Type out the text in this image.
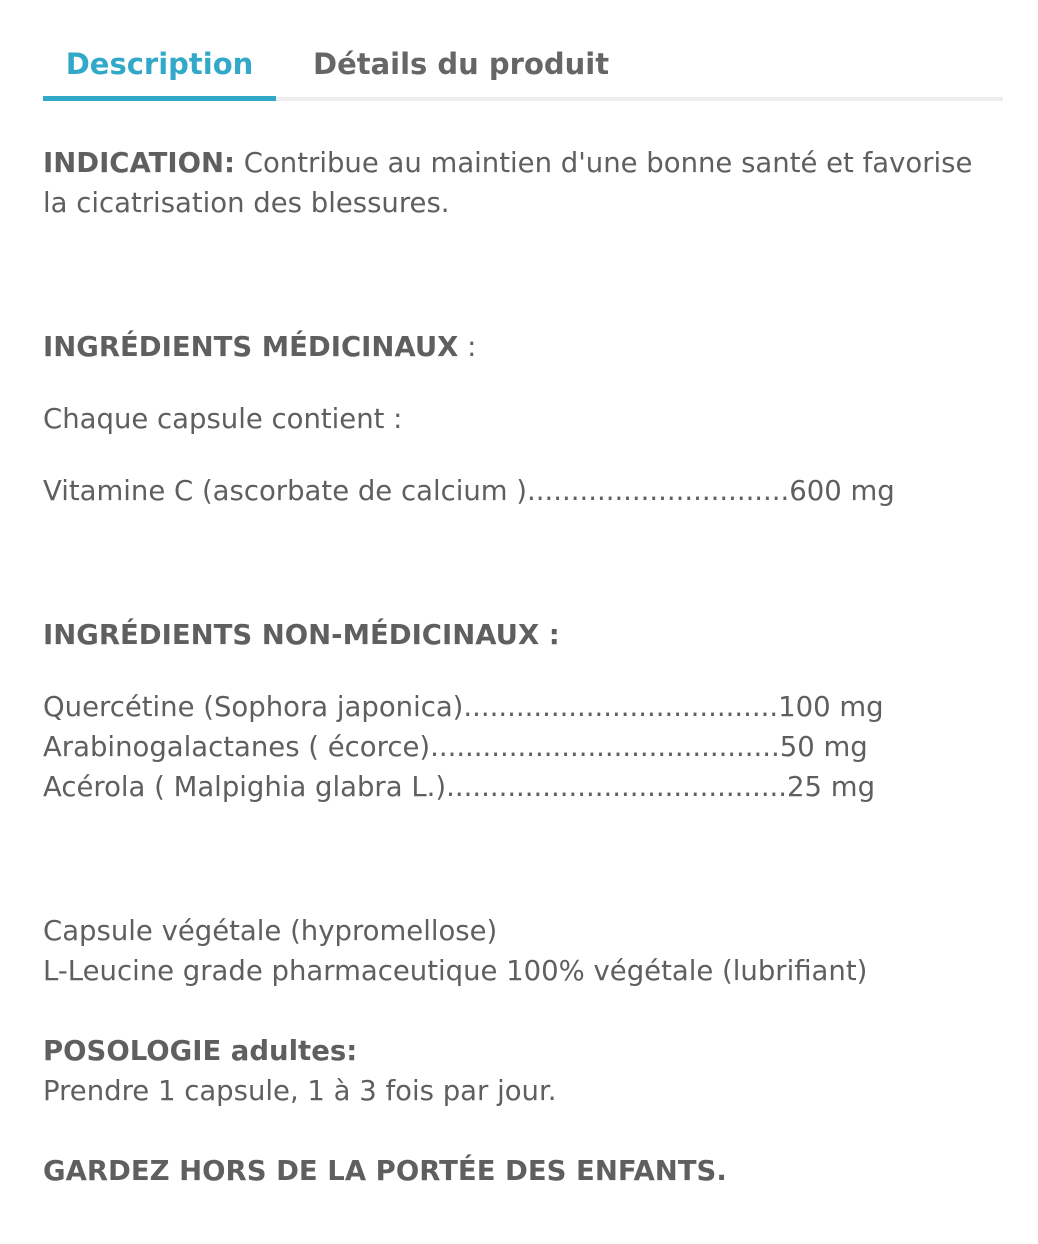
Description	Détails du produit
INDICATION: Contribue au maintien d'une bonne santé et favorise
la cicatrisation des blessures.
INGRÉDIENTS MÉDICINAUX :
Chaque capsule contient :
Vitamine C (ascorbate de calcium )..............................600 mg
INGRÉDIENTS NON-MÉDICINAUX :
Quercétine (Sophora japonica)....................................100 mg
Arabinogalactanes ( écorce)........................................50 mg
Acérola ( Malpighia glabra L.).......................................25 mg
Capsule végétale (hypromellose)
L-Leucine grade pharmaceutique 100% végétale (lubrifiant)
POSOLOGIE adultes:
Prendre 1 capsule, 1 à 3 fois par jour.
GARDEZ HORS DE LA PORTÉE DES ENFANTS.
